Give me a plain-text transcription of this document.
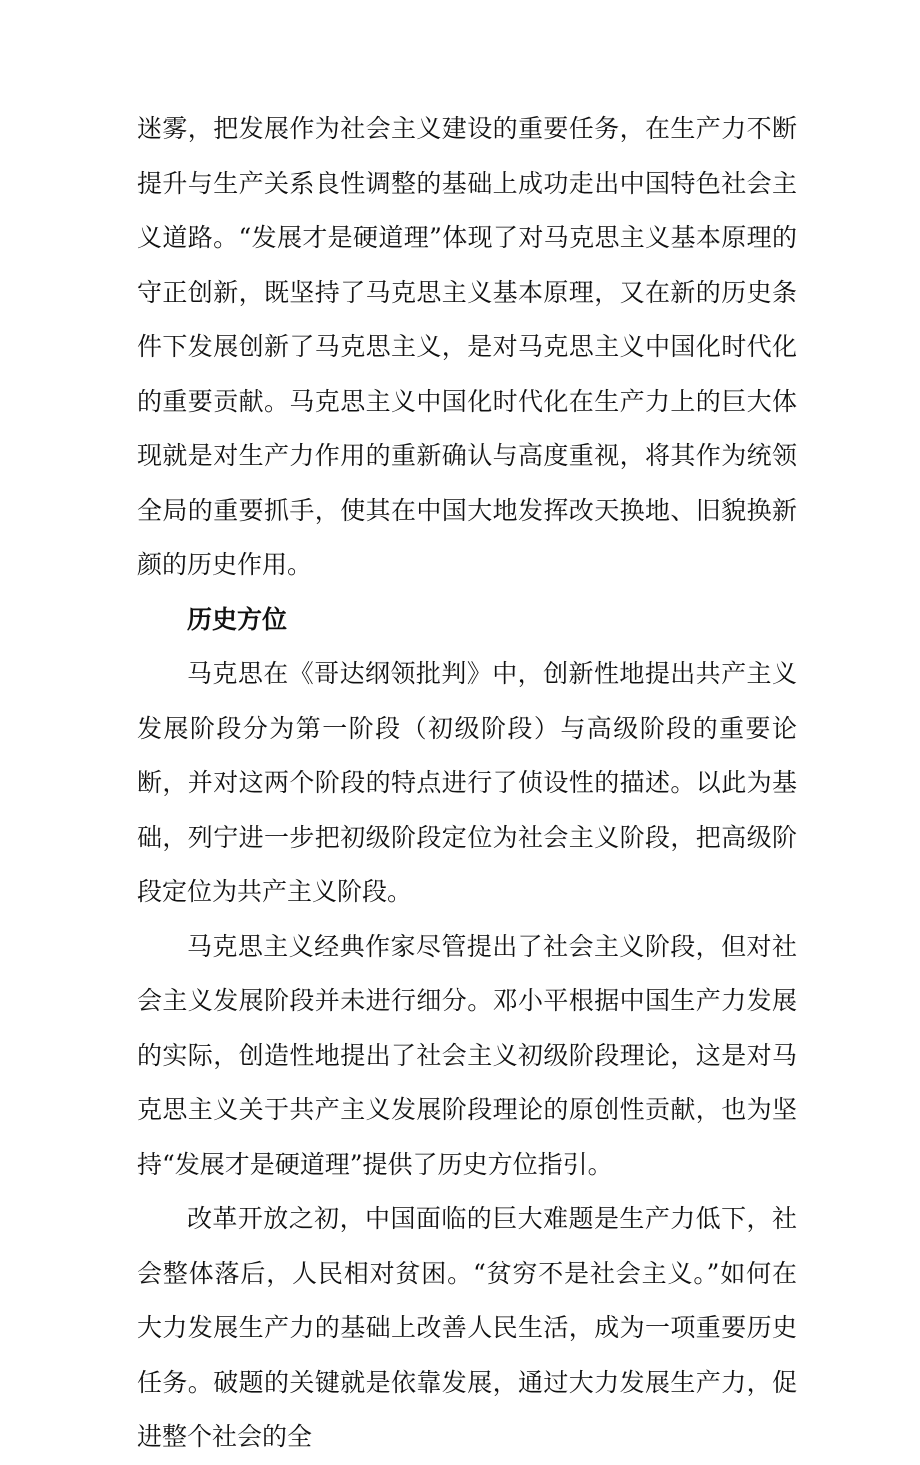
迷雾，把发展作为社会主义建设的重要任务，在生产力不断提升与生产关系良性调整的基础上成功走出中国特色社会主义道路。“发展才是硬道理”体现了对马克思主义基本原理的守正创新，既坚持了马克思主义基本原理，又在新的历史条件下发展创新了马克思主义，是对马克思主义中国化时代化的重要贡献。马克思主义中国化时代化在生产力上的巨大体现就是对生产力作用的重新确认与高度重视，将其作为统领全局的重要抓手，使其在中国大地发挥改天换地、旧貌换新颜的历史作用。

历史方位

马克思在《哥达纲领批判》中，创新性地提出共产主义发展阶段分为第一阶段（初级阶段）与高级阶段的重要论断，并对这两个阶段的特点进行了侦设性的描述。以此为基础，列宁进一步把初级阶段定位为社会主义阶段，把高级阶段定位为共产主义阶段。

马克思主义经典作家尽管提出了社会主义阶段，但对社会主义发展阶段并未进行细分。邓小平根据中国生产力发展的实际，创造性地提出了社会主义初级阶段理论，这是对马克思主义关于共产主义发展阶段理论的原创性贡献，也为坚持“发展才是硬道理”提供了历史方位指引。

改革开放之初，中国面临的巨大难题是生产力低下，社会整体落后，人民相对贫困。“贫穷不是社会主义。”如何在大力发展生产力的基础上改善人民生活，成为一项重要历史任务。破题的关键就是依靠发展，通过大力发展生产力，促进整个社会的全
